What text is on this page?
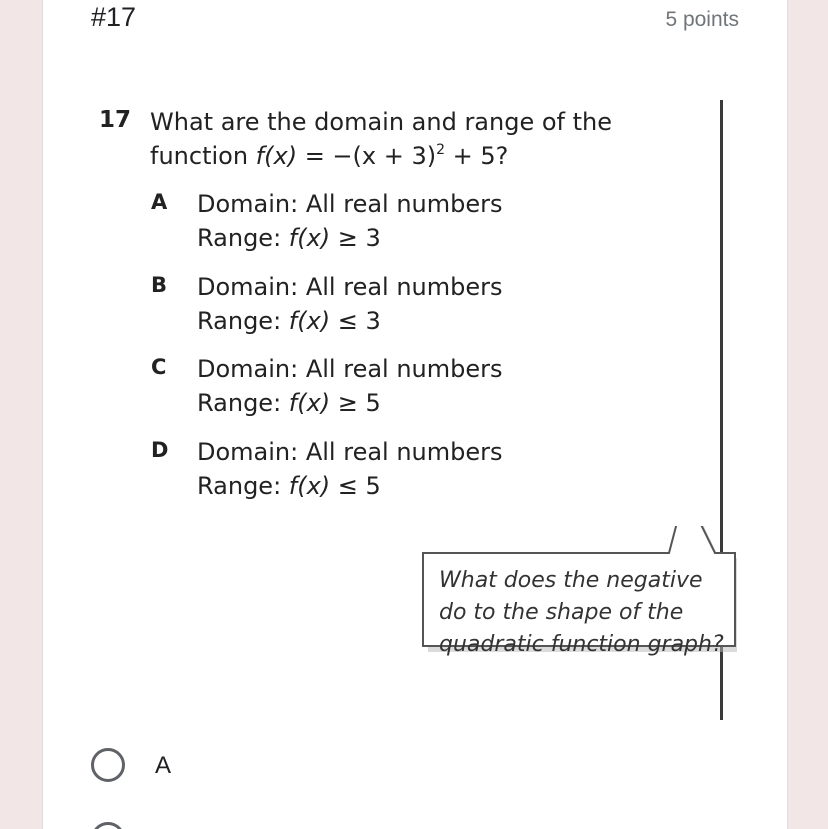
#17	5 points
17 What are the domain and range of the
function $f(x) = -(x + 3)^2 + 5$?
A Domain: All real numbers
Range: f(x) ≥ 3
B Domain: All real numbers
Range: f(x) ≤ 3
C Domain: All real numbers
Range: f(x) ≥ 5
D Domain: All real numbers
Range: f(x) ≤ 5
What does the negative do to the shape of the quadratic function graph?
A
